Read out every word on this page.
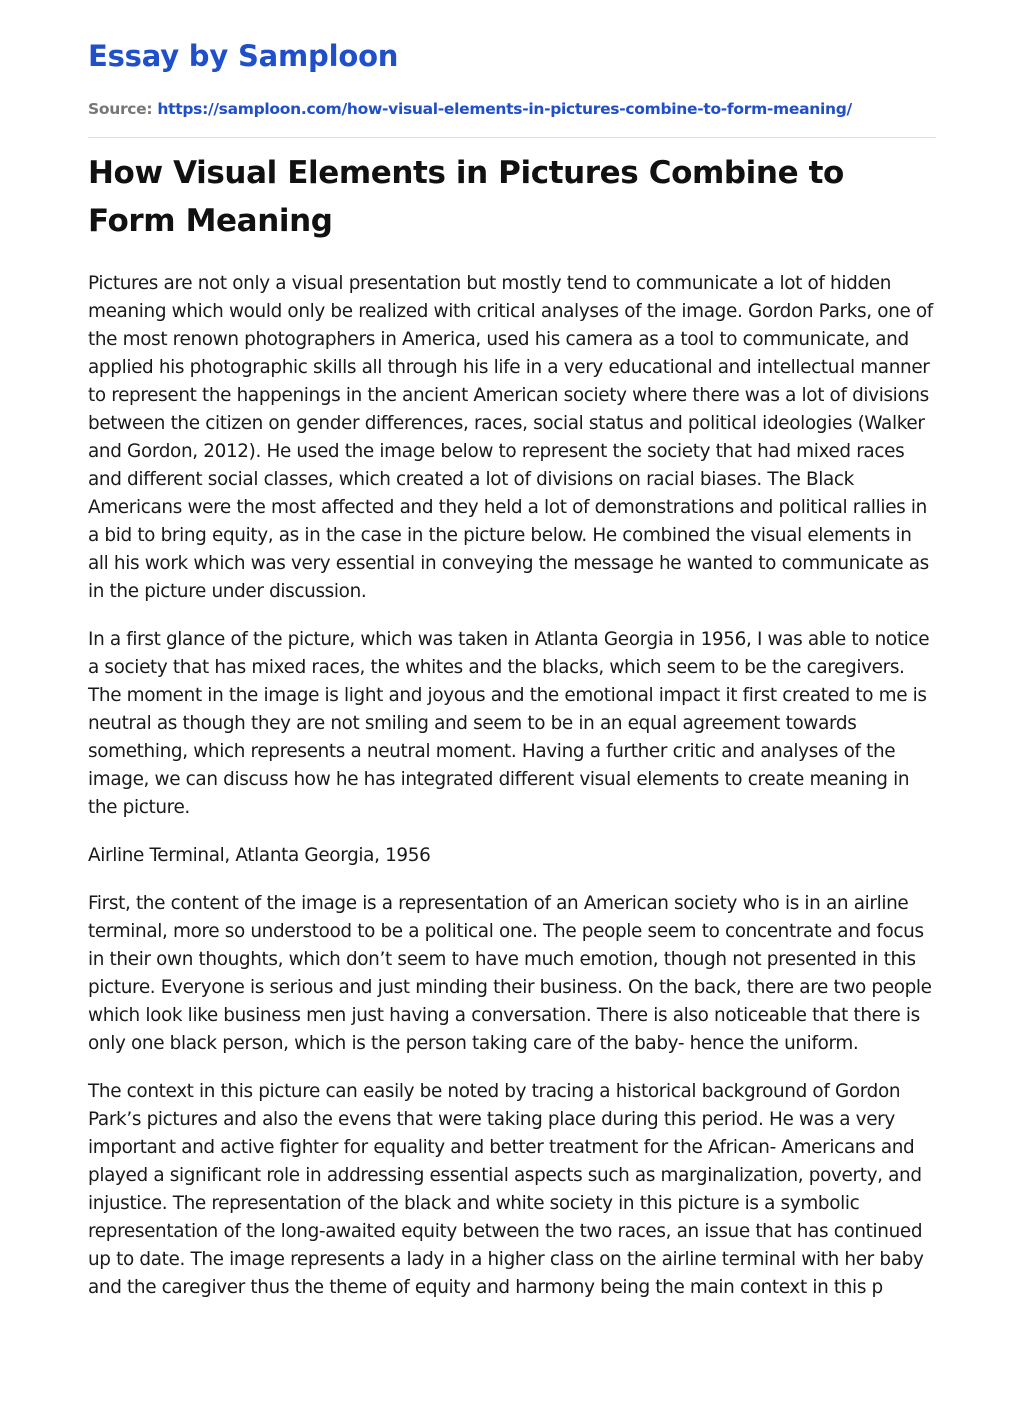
Essay by Samploon
Source: https://samploon.com/how-visual-elements-in-pictures-combine-to-form-meaning/
How Visual Elements in Pictures Combine to Form Meaning

Pictures are not only a visual presentation but mostly tend to communicate a lot of hidden meaning which would only be realized with critical analyses of the image. Gordon Parks, one of the most renown photographers in America, used his camera as a tool to communicate, and applied his photographic skills all through his life in a very educational and intellectual manner to represent the happenings in the ancient American society where there was a lot of divisions between the citizen on gender differences, races, social status and political ideologies (Walker and Gordon, 2012). He used the image below to represent the society that had mixed races and different social classes, which created a lot of divisions on racial biases. The Black Americans were the most affected and they held a lot of demonstrations and political rallies in a bid to bring equity, as in the case in the picture below. He combined the visual elements in all his work which was very essential in conveying the message he wanted to communicate as in the picture under discussion.

In a first glance of the picture, which was taken in Atlanta Georgia in 1956, I was able to notice a society that has mixed races, the whites and the blacks, which seem to be the caregivers. The moment in the image is light and joyous and the emotional impact it first created to me is neutral as though they are not smiling and seem to be in an equal agreement towards something, which represents a neutral moment. Having a further critic and analyses of the image, we can discuss how he has integrated different visual elements to create meaning in the picture.

Airline Terminal, Atlanta Georgia, 1956

First, the content of the image is a representation of an American society who is in an airline terminal, more so understood to be a political one. The people seem to concentrate and focus in their own thoughts, which don’t seem to have much emotion, though not presented in this picture. Everyone is serious and just minding their business. On the back, there are two people which look like business men just having a conversation. There is also noticeable that there is only one black person, which is the person taking care of the baby- hence the uniform.

The context in this picture can easily be noted by tracing a historical background of Gordon Park’s pictures and also the evens that were taking place during this period. He was a very important and active fighter for equality and better treatment for the African- Americans and played a significant role in addressing essential aspects such as marginalization, poverty, and injustice. The representation of the black and white society in this picture is a symbolic representation of the long-awaited equity between the two races, an issue that has continued up to date. The image represents a lady in a higher class on the airline terminal with her baby and the caregiver thus the theme of equity and harmony being the main context in this p
